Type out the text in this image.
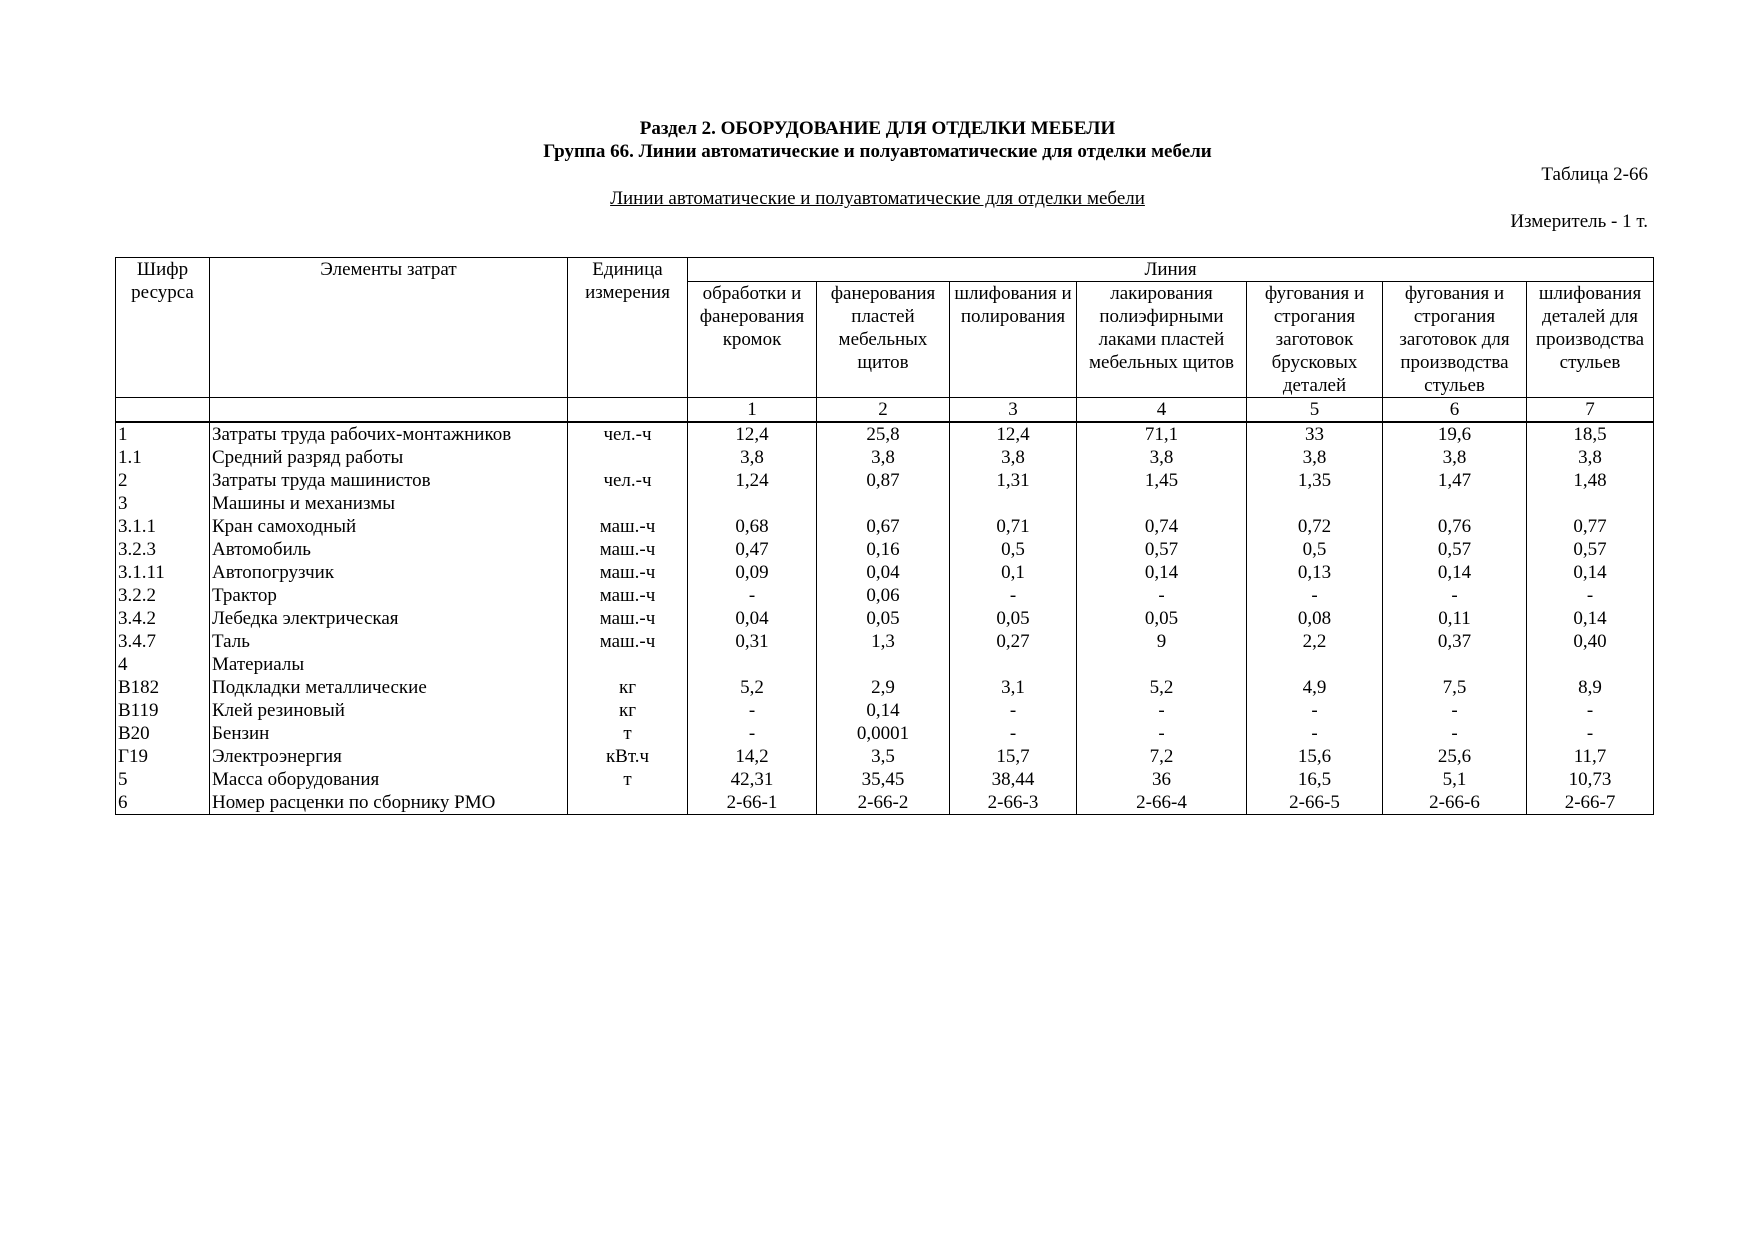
Раздел 2. ОБОРУДОВАНИЕ ДЛЯ ОТДЕЛКИ МЕБЕЛИ
Группа 66. Линии автоматические и полуавтоматические для отделки мебели
Таблица 2-66
Линии автоматические и полуавтоматические для отделки мебели
Измеритель - 1 т.
Шифр ресурса	Элементы затрат	Единица измерения	Линия						
			обработки и фанерования кромок	фанерования пластей мебельных щитов	шлифования и полирования	лакирования полиэфирными лаками пластей мебельных щитов	фугования и строгания заготовок брусковых деталей	фугования и строгания заготовок для производства стульев	шлифования деталей для производства стульев
			1	2	3	4	5	6	7
1	Затраты труда рабочих-монтажников	чел.-ч	12,4	25,8	12,4	71,1	33	19,6	18,5
1.1	Средний разряд работы		3,8	3,8	3,8	3,8	3,8	3,8	3,8
2	Затраты труда машинистов	чел.-ч	1,24	0,87	1,31	1,45	1,35	1,47	1,48
3	Машины и механизмы								
3.1.1	Кран самоходный	маш.-ч	0,68	0,67	0,71	0,74	0,72	0,76	0,77
3.2.3	Автомобиль	маш.-ч	0,47	0,16	0,5	0,57	0,5	0,57	0,57
3.1.11	Автопогрузчик	маш.-ч	0,09	0,04	0,1	0,14	0,13	0,14	0,14
3.2.2	Трактор	маш.-ч	-	0,06	-	-	-	-	-
3.4.2	Лебедка электрическая	маш.-ч	0,04	0,05	0,05	0,05	0,08	0,11	0,14
3.4.7	Таль	маш.-ч	0,31	1,3	0,27	9	2,2	0,37	0,40
4	Материалы								
В182	Подкладки металлические	кг	5,2	2,9	3,1	5,2	4,9	7,5	8,9
В119	Клей резиновый	кг	-	0,14	-	-	-	-	-
В20	Бензин	т	-	0,0001	-	-	-	-	-
Г19	Электроэнергия	кВт.ч	14,2	3,5	15,7	7,2	15,6	25,6	11,7
5	Масса оборудования	т	42,31	35,45	38,44	36	16,5	5,1	10,73
6	Номер расценки по сборнику РМО		2-66-1	2-66-2	2-66-3	2-66-4	2-66-5	2-66-6	2-66-7
